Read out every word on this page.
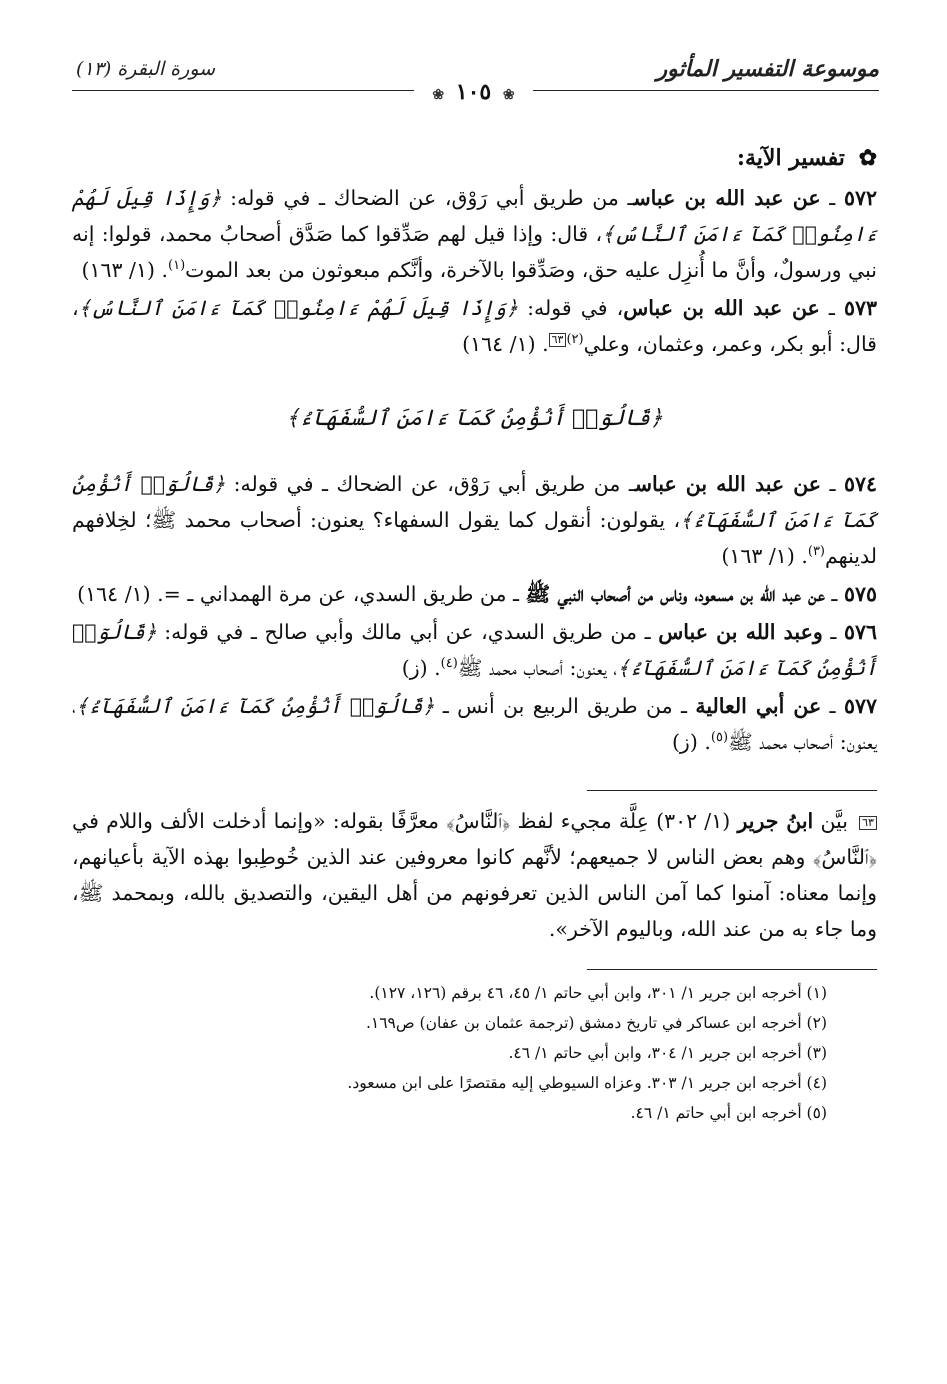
موسوعة التفسير المأثور
سورة البقرة (١٣)
❀ ١٠٥ ❀
✿ تفسير الآية:

٥٧٢ ـ عن عبد الله بن عباسـ من طريق أبي رَوْق، عن الضحاك ـ في قوله: ﴿وَإِذَا قِيلَ لَهُمْ ءَامِنُوا۟ كَمَآ ءَامَنَ ٱلنَّاسُ﴾، قال: وإذا قيل لهم صَدِّقوا كما صَدَّق أصحابُ محمد، قولوا: إنه نبي ورسولٌ، وأنَّ ما أُنزِل عليه حق، وصَدِّقوا بالآخرة، وأنَّكم مبعوثون من بعد الموت$^{(١)}$. (١/ ١٦٣)

٥٧٣ ـ عن عبد الله بن عباس، في قوله: ﴿وَإِذَا قِيلَ لَهُمْ ءَامِنُوا۟ كَمَآ ءَامَنَ ٱلنَّاسُ﴾، قال: أبو بكر، وعمر، وعثمان، وعلي$^{(٢)}$٦٣. (١/ ١٦٤)

﴿قَالُوٓا۟ أَنُؤْمِنُ كَمَآ ءَامَنَ ٱلسُّفَهَآءُ﴾

٥٧٤ ـ عن عبد الله بن عباسـ من طريق أبي رَوْق، عن الضحاك ـ في قوله: ﴿قَالُوٓا۟ أَنُؤْمِنُ كَمَآ ءَامَنَ ٱلسُّفَهَآءُ﴾، يقولون: أنقول كما يقول السفهاء؟ يعنون: أصحاب محمد ﷺ؛ لخِلافهم لدينهم$^{(٣)}$. (١/ ١٦٣)

٥٧٥ ـ عن عبد الله بن مسعود، وناس من أصحاب النبي ﷺ ـ من طريق السدي، عن مرة الهمداني ـ =. (١/ ١٦٤)

٥٧٦ ـ وعبد الله بن عباس ـ من طريق السدي، عن أبي مالك وأبي صالح ـ في قوله: ﴿قَالُوٓا۟ أَنُؤْمِنُ كَمَآ ءَامَنَ ٱلسُّفَهَآءُ﴾، يعنون: أصحاب محمد ﷺ$^{(٤)}$. (ز)

٥٧٧ ـ عن أبي العالية ـ من طريق الربيع بن أنس ـ ﴿قَالُوٓا۟ أَنُؤْمِنُ كَمَآ ءَامَنَ ٱلسُّفَهَآءُ﴾، يعنون: أصحاب محمد ﷺ$^{(٥)}$. (ز)

٦٣ بيَّن ابنُ جرير (١/ ٣٠٢) عِلَّة مجيء لفظ ﴿ٱلنَّاسُ﴾ معرَّفًا بقوله: «وإنما أدخلت الألف واللام في ﴿ٱلنَّاسُ﴾ وهم بعض الناس لا جميعهم؛ لأنَّهم كانوا معروفين عند الذين خُوطِبوا بهذه الآية بأعيانهم، وإنما معناه: آمنوا كما آمن الناس الذين تعرفونهم من أهل اليقين، والتصديق بالله، وبمحمد ﷺ، وما جاء به من عند الله، وباليوم الآخر».

(١) أخرجه ابن جرير ١/ ٣٠١، وابن أبي حاتم ١/ ٤٥، ٤٦ برقم (١٢٦، ١٢٧).
(٢) أخرجه ابن عساكر في تاريخ دمشق (ترجمة عثمان بن عفان) ص١٦٩.
(٣) أخرجه ابن جرير ١/ ٣٠٤، وابن أبي حاتم ١/ ٤٦.
(٤) أخرجه ابن جرير ١/ ٣٠٣. وعزاه السيوطي إليه مقتصرًا على ابن مسعود.
(٥) أخرجه ابن أبي حاتم ١/ ٤٦.
